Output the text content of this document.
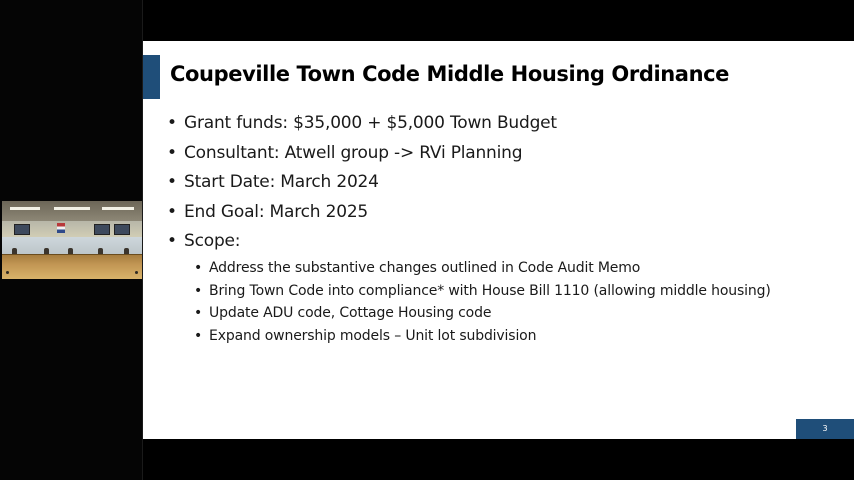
Coupeville Town Code Middle Housing Ordinance
• Grant funds: $35,000 + $5,000 Town Budget
• Consultant: Atwell group -> RVi Planning
• Start Date: March 2024
• End Goal: March 2025
• Scope:
• Address the substantive changes outlined in Code Audit Memo
• Bring Town Code into compliance* with House Bill 1110 (allowing middle housing)
• Update ADU code, Cottage Housing code
• Expand ownership models – Unit lot subdivision
3
